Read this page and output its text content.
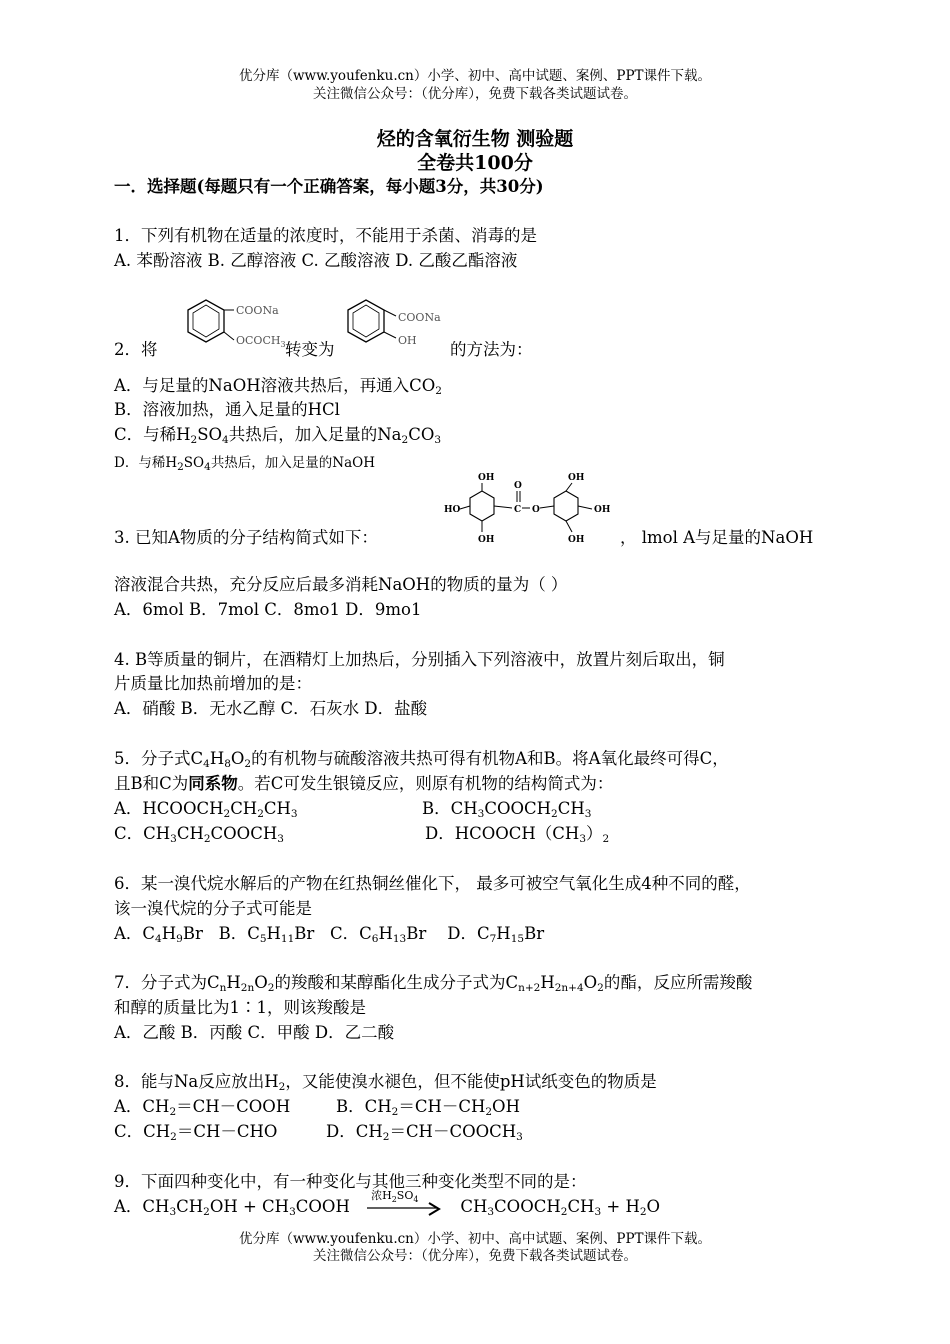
优分库（www.youfenku.cn）小学、初中、高中试题、案例、PPT课件下载。
关注微信公众号：（优分库），免费下载各类试题试卷。
烃的含氧衍生物 测验题
全卷共100分
一．选择题(每题只有一个正确答案，每小题3分，共30分)
1．下列有机物在适量的浓度时，不能用于杀菌、消毒的是
A. 苯酚溶液 B. 乙醇溶液 C. 乙酸溶液 D. 乙酸乙酯溶液
2．将
COONa
$OCOCH_3$ 转变为
COONa
OH 的方法为：
A．与足量的NaOH溶液共热后，再通入$CO_2$
B．溶液加热，通入足量的HCl
C．与稀$H_2SO_4$共热后，加入足量的$Na_2CO_3$
D．与稀$H_2SO_4$共热后，加入足量的NaOH
3. 已知A物质的分子结构简式如下：
OH
HO
OH
O
C O
OH
OH
OH ， lmol A与足量的NaOH
溶液混合共热，充分反应后最多消耗NaOH的物质的量为（ ）
A．6mol B．7mol C．8mo1 D．9mo1
4. B等质量的铜片，在酒精灯上加热后，分别插入下列溶液中，放置片刻后取出，铜
片质量比加热前增加的是：
A．硝酸 B．无水乙醇 C．石灰水 D．盐酸
5．分子式$C_4H_8O_2$的有机物与硫酸溶液共热可得有机物A和B。将A氧化最终可得C，
且B和C为同系物。若C可发生银镜反应，则原有机物的结构简式为：
A．$HCOOCH_2CH_2CH_3$	B．$CH_3COOCH_2CH_3$
C．$CH_3CH_2COOCH_3$	D．$HCOOCH(CH_3)_2$
6．某一溴代烷水解后的产物在红热铜丝催化下， 最多可被空气氧化生成4种不同的醛，
该一溴代烷的分子式可能是
A．$C_4H_9Br$ B．$C_5H_{11}Br$ C．$C_6H_{13}Br$ D．$C_7H_{15}Br$
7．分子式为$C_nH_{2n}O_2$的羧酸和某醇酯化生成分子式为$C_{n+2}H_{2n+4}O_2$的酯，反应所需羧酸
和醇的质量比为1∶1，则该羧酸是
A．乙酸 B．丙酸 C．甲酸 D．乙二酸
8．能与Na反应放出$H_2$，又能使溴水褪色，但不能使pH试纸变色的物质是
A．$CH_2=CH-COOH$	B．$CH_2=CH-CH_2OH$
C．$CH_2=CH-CHO$	D．$CH_2=CH-COOCH_3$
9．下面四种变化中，有一种变化与其他三种变化类型不同的是：
A．$CH_3CH_2OH$ + $CH_3COOH$
浓$H_2SO_4$	$CH_3COOCH_2CH_3 + H_2O$
优分库（www.youfenku.cn）小学、初中、高中试题、案例、PPT课件下载。
关注微信公众号：（优分库），免费下载各类试题试卷。
